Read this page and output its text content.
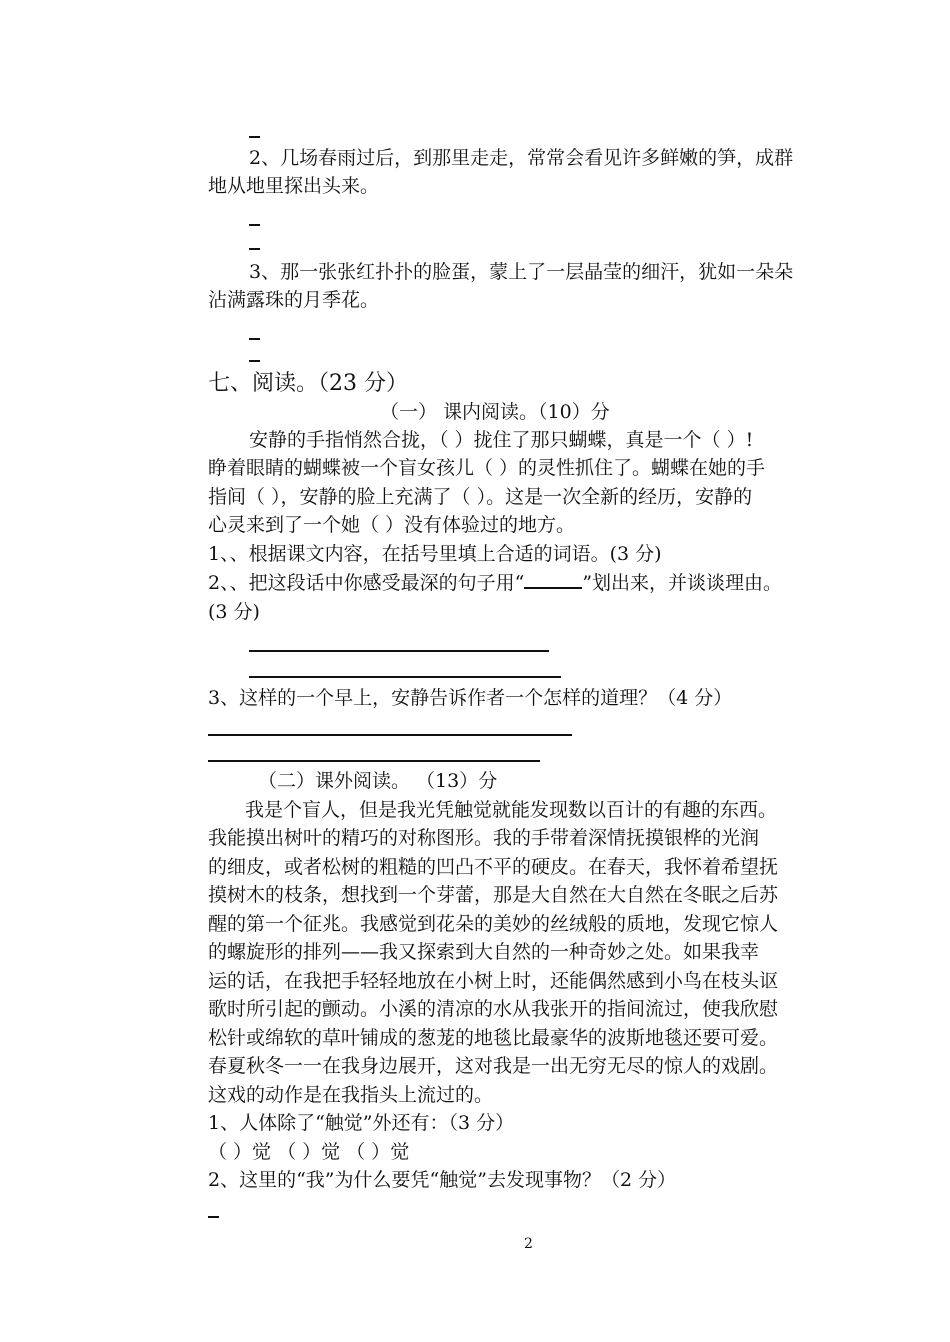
2、几场春雨过后，到那里走走，常常会看见许多鲜嫩的笋，成群
地从地里探出头来。
3、那一张张红扑扑的脸蛋，蒙上了一层晶莹的细汗，犹如一朵朵
沾满露珠的月季花。
七、阅读。（23 分）
（一） 课内阅读。（10）分
安静的手指悄然合拢，（ ）拢住了那只蝴蝶，真是一个（ ）!
睁着眼睛的蝴蝶被一个盲女孩儿（ ）的灵性抓住了。蝴蝶在她的手
指间（ ），安静的脸上充满了（ ）。这是一次全新的经历，安静的
心灵来到了一个她（ ）没有体验过的地方。
1、、根据课文内容，在括号里填上合适的词语。(3 分)
2、、把这段话中你感受最深的句子用“	”划出来，并谈谈理由。
(3 分)
3、这样的一个早上，安静告诉作者一个怎样的道理？（4 分）
（二）课外阅读。 （13）分
我是个盲人，但是我光凭触觉就能发现数以百计的有趣的东西。
我能摸出树叶的精巧的对称图形。我的手带着深情抚摸银桦的光润
的细皮，或者松树的粗糙的凹凸不平的硬皮。在春天，我怀着希望抚
摸树木的枝条，想找到一个芽蕾，那是大自然在大自然在冬眠之后苏
醒的第一个征兆。我感觉到花朵的美妙的丝绒般的质地，发现它惊人
的螺旋形的排列——我又探索到大自然的一种奇妙之处。如果我幸
运的话，在我把手轻轻地放在小树上时，还能偶然感到小鸟在枝头讴
歌时所引起的颤动。小溪的清凉的水从我张开的指间流过，使我欣慰
松针或绵软的草叶铺成的葱茏的地毯比最豪华的波斯地毯还要可爱。
春夏秋冬一一在我身边展开，这对我是一出无穷无尽的惊人的戏剧。
这戏的动作是在我指头上流过的。
1、人体除了“触觉”外还有：（3 分）
（ ）觉 （ ）觉 （ ）觉
2、这里的“我”为什么要凭“触觉”去发现事物？（2 分）
2
